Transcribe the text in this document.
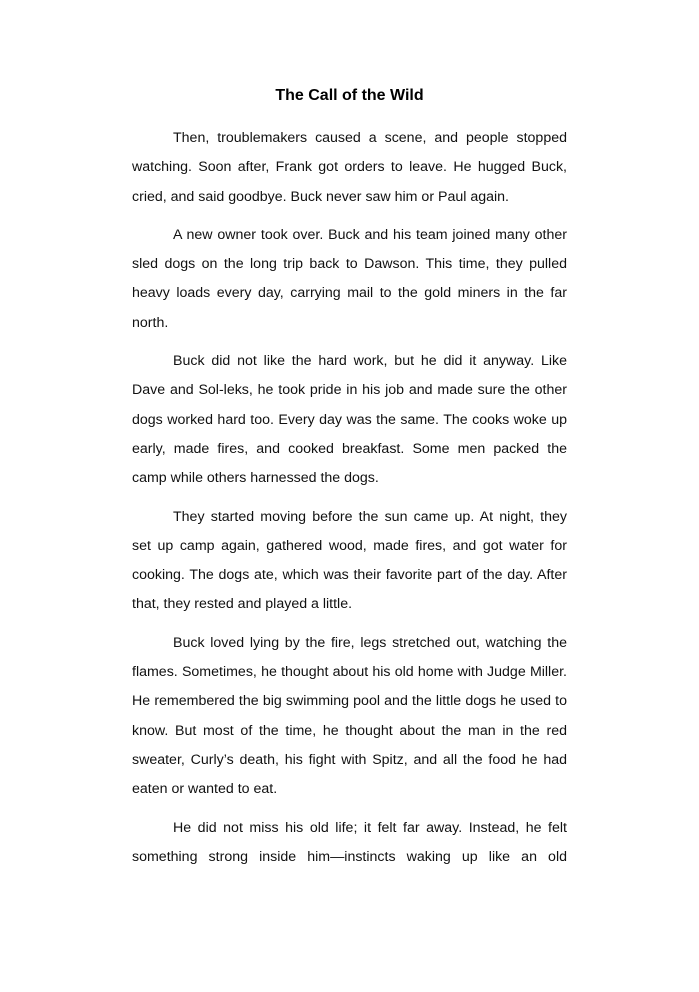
The Call of the Wild

Then, troublemakers caused a scene, and people stopped watching. Soon after, Frank got orders to leave. He hugged Buck, cried, and said goodbye. Buck never saw him or Paul again.

A new owner took over. Buck and his team joined many other sled dogs on the long trip back to Dawson. This time, they pulled heavy loads every day, carrying mail to the gold miners in the far north.

Buck did not like the hard work, but he did it anyway. Like Dave and Sol-leks, he took pride in his job and made sure the other dogs worked hard too. Every day was the same. The cooks woke up early, made fires, and cooked breakfast. Some men packed the camp while others harnessed the dogs.

They started moving before the sun came up. At night, they set up camp again, gathered wood, made fires, and got water for cooking. The dogs ate, which was their favorite part of the day. After that, they rested and played a little.

Buck loved lying by the fire, legs stretched out, watching the flames. Sometimes, he thought about his old home with Judge Miller. He remembered the big swimming pool and the little dogs he used to know. But most of the time, he thought about the man in the red sweater, Curly’s death, his fight with Spitz, and all the food he had eaten or wanted to eat.

He did not miss his old life; it felt far away. Instead, he felt something strong inside him—instincts waking up like an old
